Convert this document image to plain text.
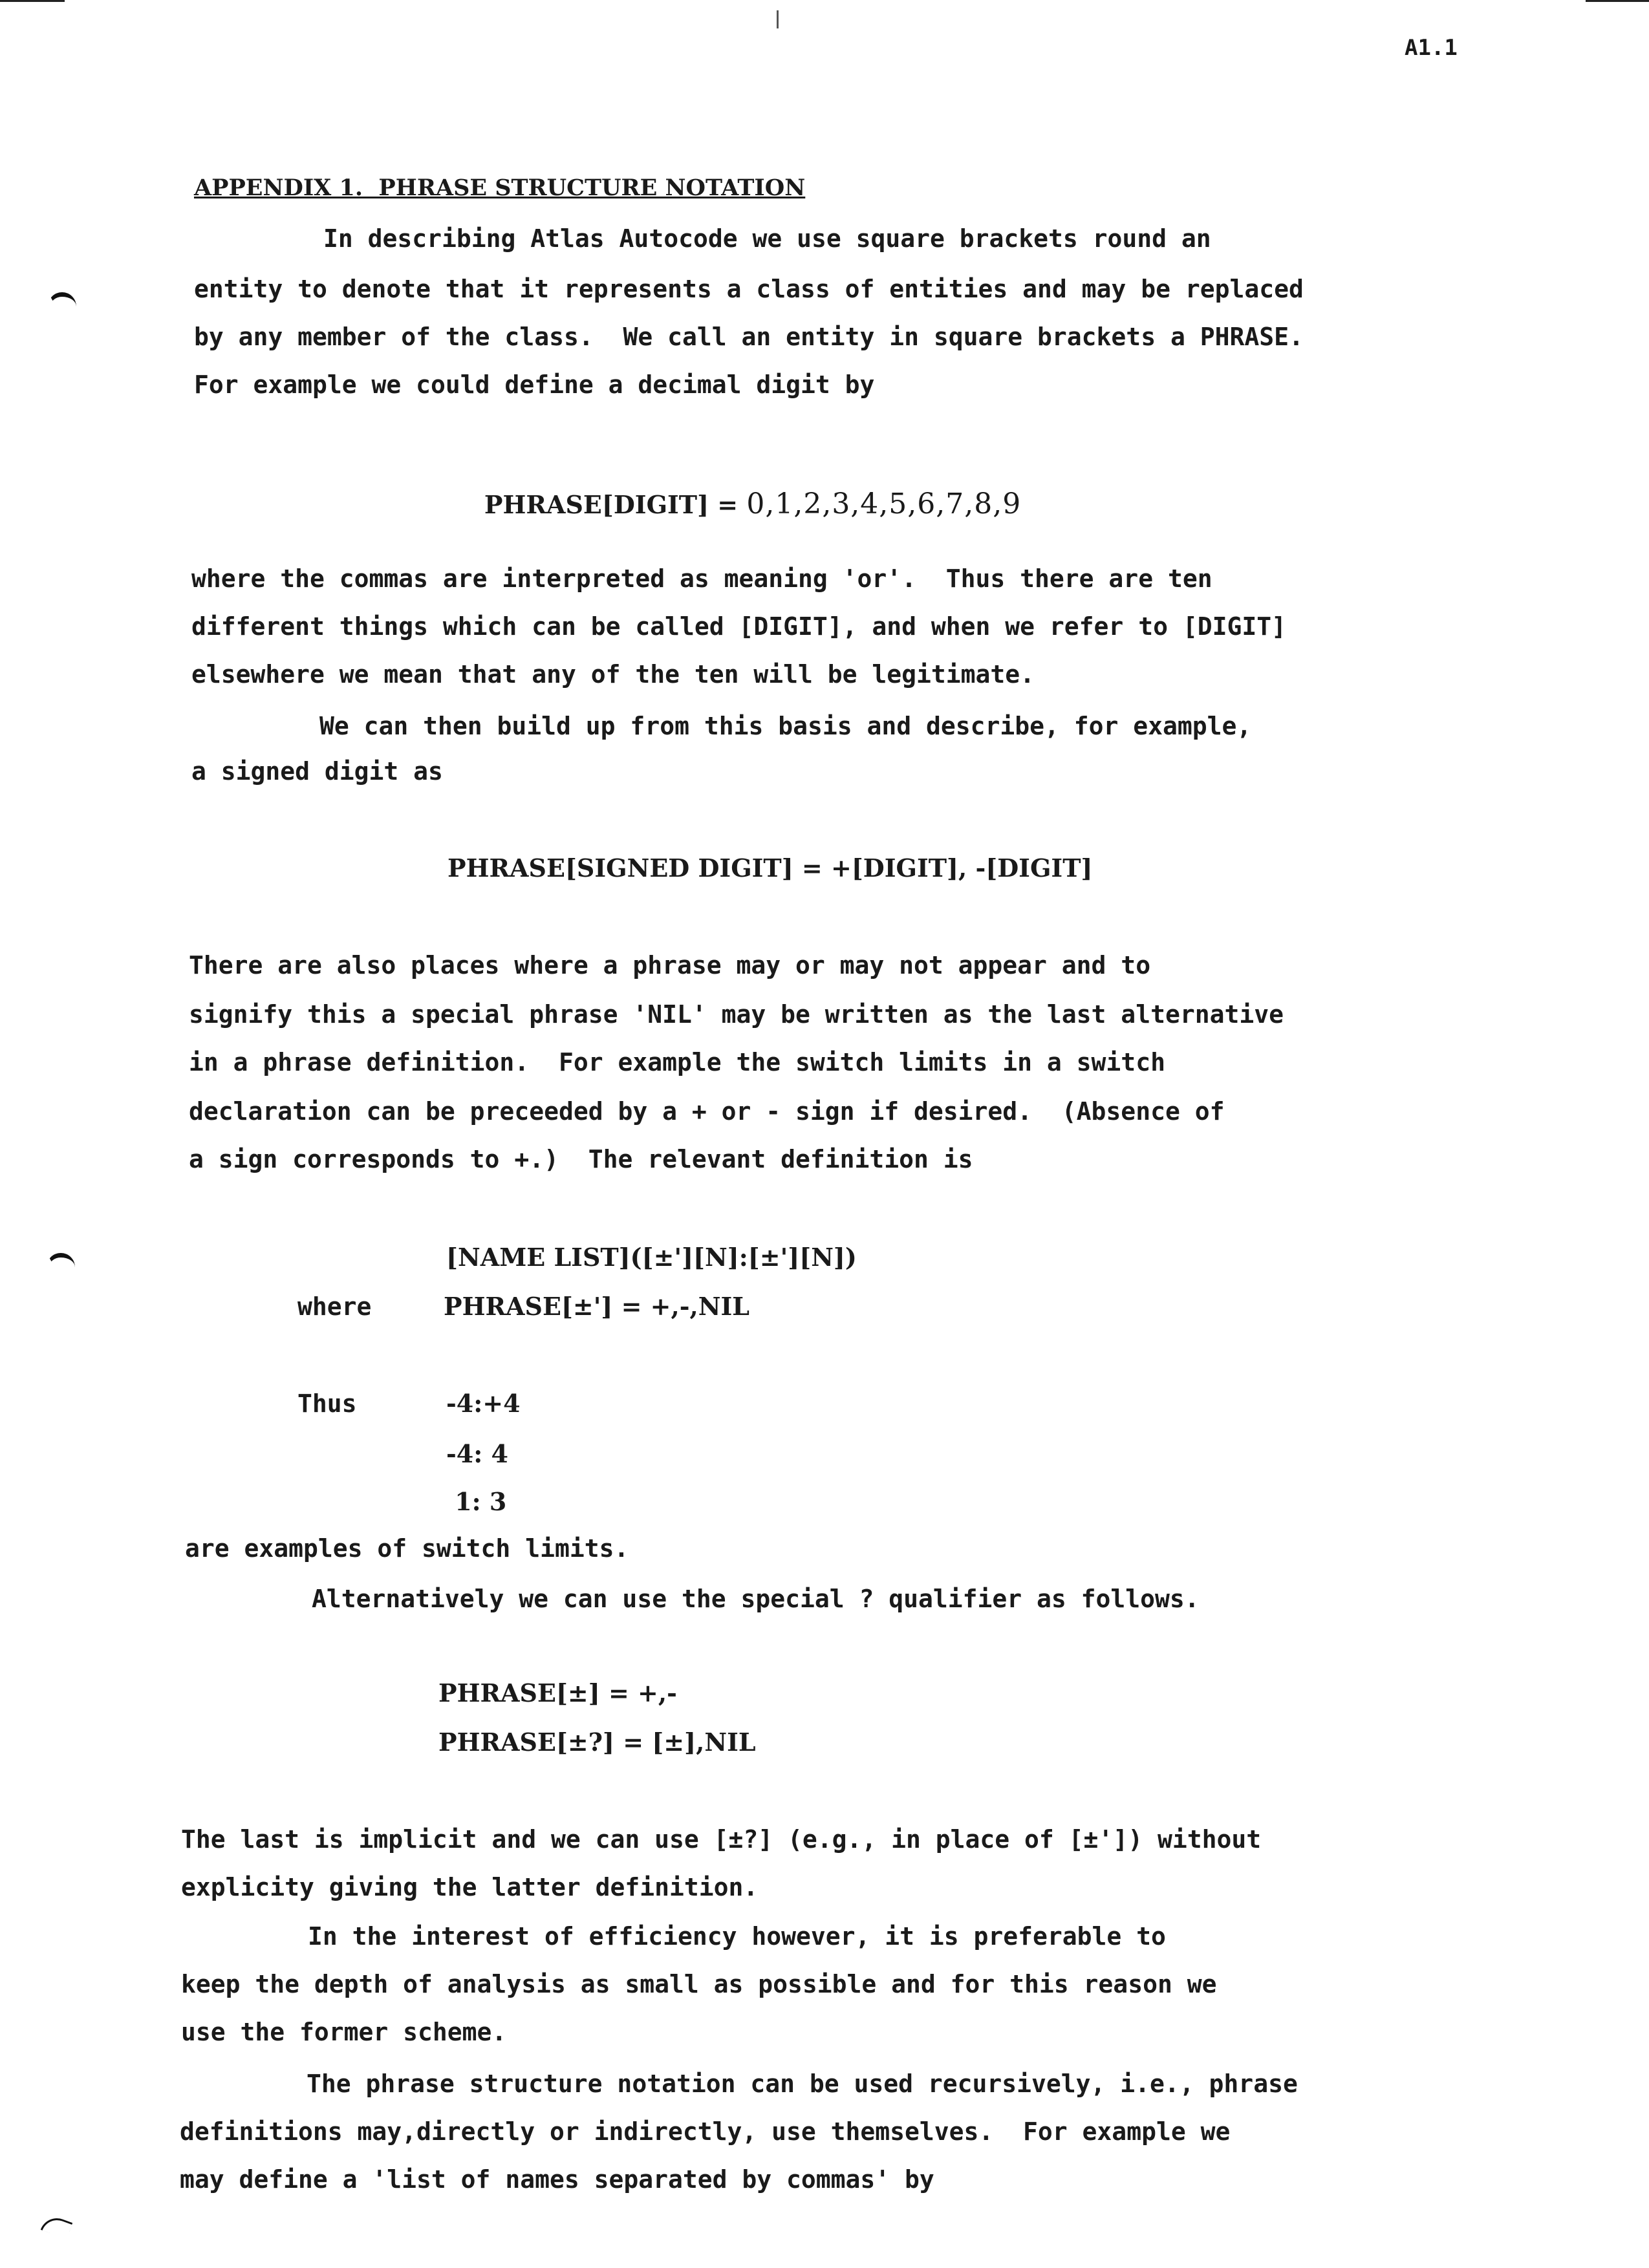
A1.1
APPENDIX 1.  PHRASE STRUCTURE NOTATION
In describing Atlas Autocode we use square brackets round an
entity to denote that it represents a class of entities and may be replaced
by any member of the class.  We call an entity in square brackets a PHRASE.
For example we could define a decimal digit by

PHRASE[DIGIT] = 0,1,2,3,4,5,6,7,8,9

where the commas are interpreted as meaning 'or'.  Thus there are ten
different things which can be called [DIGIT], and when we refer to [DIGIT]
elsewhere we mean that any of the ten will be legitimate.
We can then build up from this basis and describe, for example,
a signed digit as
PHRASE[SIGNED DIGIT] = +[DIGIT], -[DIGIT]
There are also places where a phrase may or may not appear and to
signify this a special phrase 'NIL' may be written as the last alternative
in a phrase definition.  For example the switch limits in a switch
declaration can be preceeded by a + or - sign if desired.  (Absence of
a sign corresponds to +.)  The relevant definition is
[NAME LIST]([±'][N]:[±'][N])
where	PHRASE[±'] = +,-,NIL
Thus	-4:+4
-4: 4
1: 3
are examples of switch limits.
Alternatively we can use the special ? qualifier as follows.
PHRASE[±] = +,-
PHRASE[±?] = [±],NIL
The last is implicit and we can use [±?] (e.g., in place of [±']) without
explicity giving the latter definition.
In the interest of efficiency however, it is preferable to
keep the depth of analysis as small as possible and for this reason we
use the former scheme.
The phrase structure notation can be used recursively, i.e., phrase
definitions may,directly or indirectly, use themselves.  For example we
may define a 'list of names separated by commas' by
